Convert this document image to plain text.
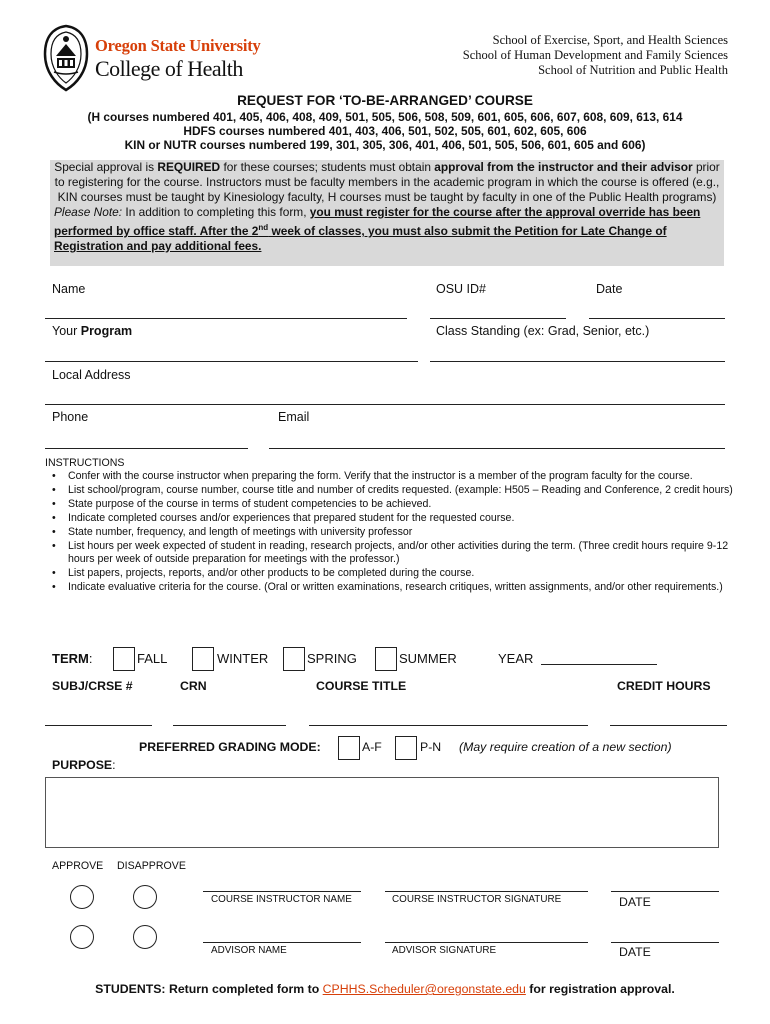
Oregon State University
College of Health
School of Exercise, Sport, and Health Sciences
School of Human Development and Family Sciences
School of Nutrition and Public Health
REQUEST FOR ‘TO-BE-ARRANGED’ COURSE
(H courses numbered 401, 405, 406, 408, 409, 501, 505, 506, 508, 509, 601, 605, 606, 607, 608, 609, 613, 614
HDFS courses numbered 401, 403, 406, 501, 502, 505, 601, 602, 605, 606
KIN or NUTR courses numbered 199, 301, 305, 306, 401, 406, 501, 505, 506, 601, 605 and 606)
Special approval is REQUIRED for these courses; students must obtain approval from the instructor and their advisor prior to registering for the course. Instructors must be faculty members in the academic program in which the course is offered (e.g., KIN courses must be taught by Kinesiology faculty, H courses must be taught by faculty in one of the Public Health programs)
Please Note: In addition to completing this form, you must register for the course after the approval override has been performed by office staff. After the 2nd week of classes, you must also submit the Petition for Late Change of Registration and pay additional fees.
Name	OSU ID#	Date
Your Program	Class Standing (ex: Grad, Senior, etc.)
Local Address
Phone	Email
INSTRUCTIONS
• Confer with the course instructor when preparing the form. Verify that the instructor is a member of the program faculty for the course.
• List school/program, course number, course title and number of credits requested. (example: H505 – Reading and Conference, 2 credit hours)
• State purpose of the course in terms of student competencies to be achieved.
• Indicate completed courses and/or experiences that prepared student for the requested course.
• State number, frequency, and length of meetings with university professor
• List hours per week expected of student in reading, research projects, and/or other activities during the term. (Three credit hours require 9-12 hours per week of outside preparation for meetings with the professor.)
• List papers, projects, reports, and/or other products to be completed during the course.
• Indicate evaluative criteria for the course. (Oral or written examinations, research critiques, written assignments, and/or other requirements.)
TERM:	FALL	WINTER	SPRING	SUMMER	YEAR
SUBJ/CRSE #	CRN	COURSE TITLE	CREDIT HOURS
PREFERRED GRADING MODE:	A-F	P-N (May require creation of a new section)
PURPOSE:
APPROVE DISAPPROVE
COURSE INSTRUCTOR NAME	COURSE INSTRUCTOR SIGNATURE	DATE
ADVISOR NAME	ADVISOR SIGNATURE	DATE
STUDENTS: Return completed form to CPHHS.Scheduler@oregonstate.edu for registration approval.
